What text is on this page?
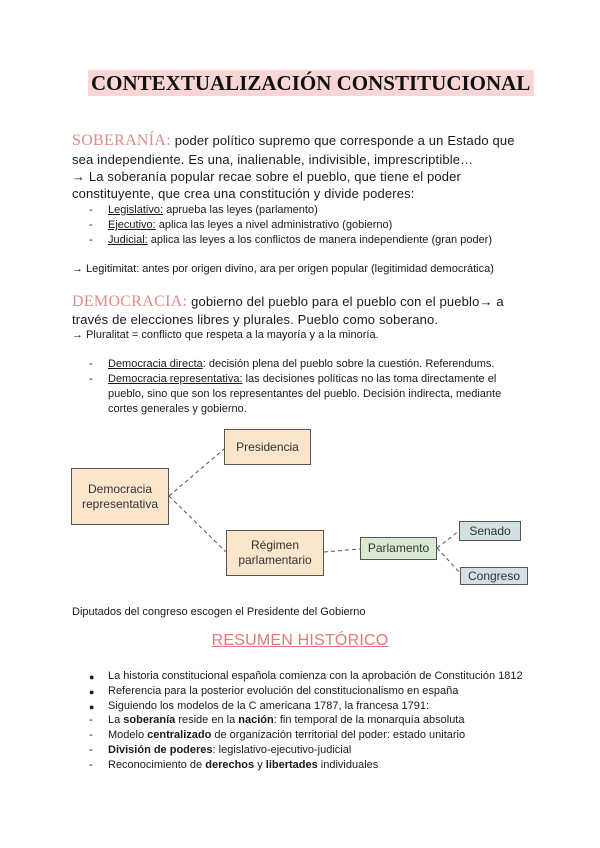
CONTEXTUALIZACIÓN CONSTITUCIONAL
SOBERANÍA: poder político supremo que corresponde a un Estado que
sea independiente. Es una, inalienable, indivisible, imprescriptible…
→ La soberanía popular recae sobre el pueblo, que tiene el poder
constituyente, que crea una constitución y divide poderes:
- Legislativo: aprueba las leyes (parlamento)
- Ejecutivo: aplica las leyes a nivel administrativo (gobierno)
- Judicial: aplica las leyes a los conflictos de manera independiente (gran poder)
→ Legitimitat: antes por origen divino, ara per origen popular (legitimidad democrática)
DEMOCRACIA: gobierno del pueblo para el pueblo con el pueblo→ a
través de elecciones libres y plurales. Pueblo como soberano.
→ Pluralitat = conflicto que respeta a la mayoría y a la minoría.
- Democracia directa: decisión plena del pueblo sobre la cuestión. Referendums.
- Democracia representativa: las decisiones políticas no las toma directamente el
pueblo, sino que son los representantes del pueblo. Decisión indirecta, mediante
cortes generales y gobierno.
Democracia representativa
Presidencia
Régimen parlamentario
Parlamento
Senado
Congreso
Diputados del congreso escogen el Presidente del Gobierno
RESUMEN HISTÓRICO
● La historia constitucional española comienza con la aprobación de Constitución 1812
● Referencia para la posterior evolución del constitucionalismo en españa
● Siguiendo los modelos de la C americana 1787, la francesa 1791:
- La soberanía reside en la nación: fin temporal de la monarquía absoluta
- Modelo centralizado de organización territorial del poder: estado unitario
- División de poderes: legislativo-ejecutivo-judicial
- Reconocimiento de derechos y libertades individuales
